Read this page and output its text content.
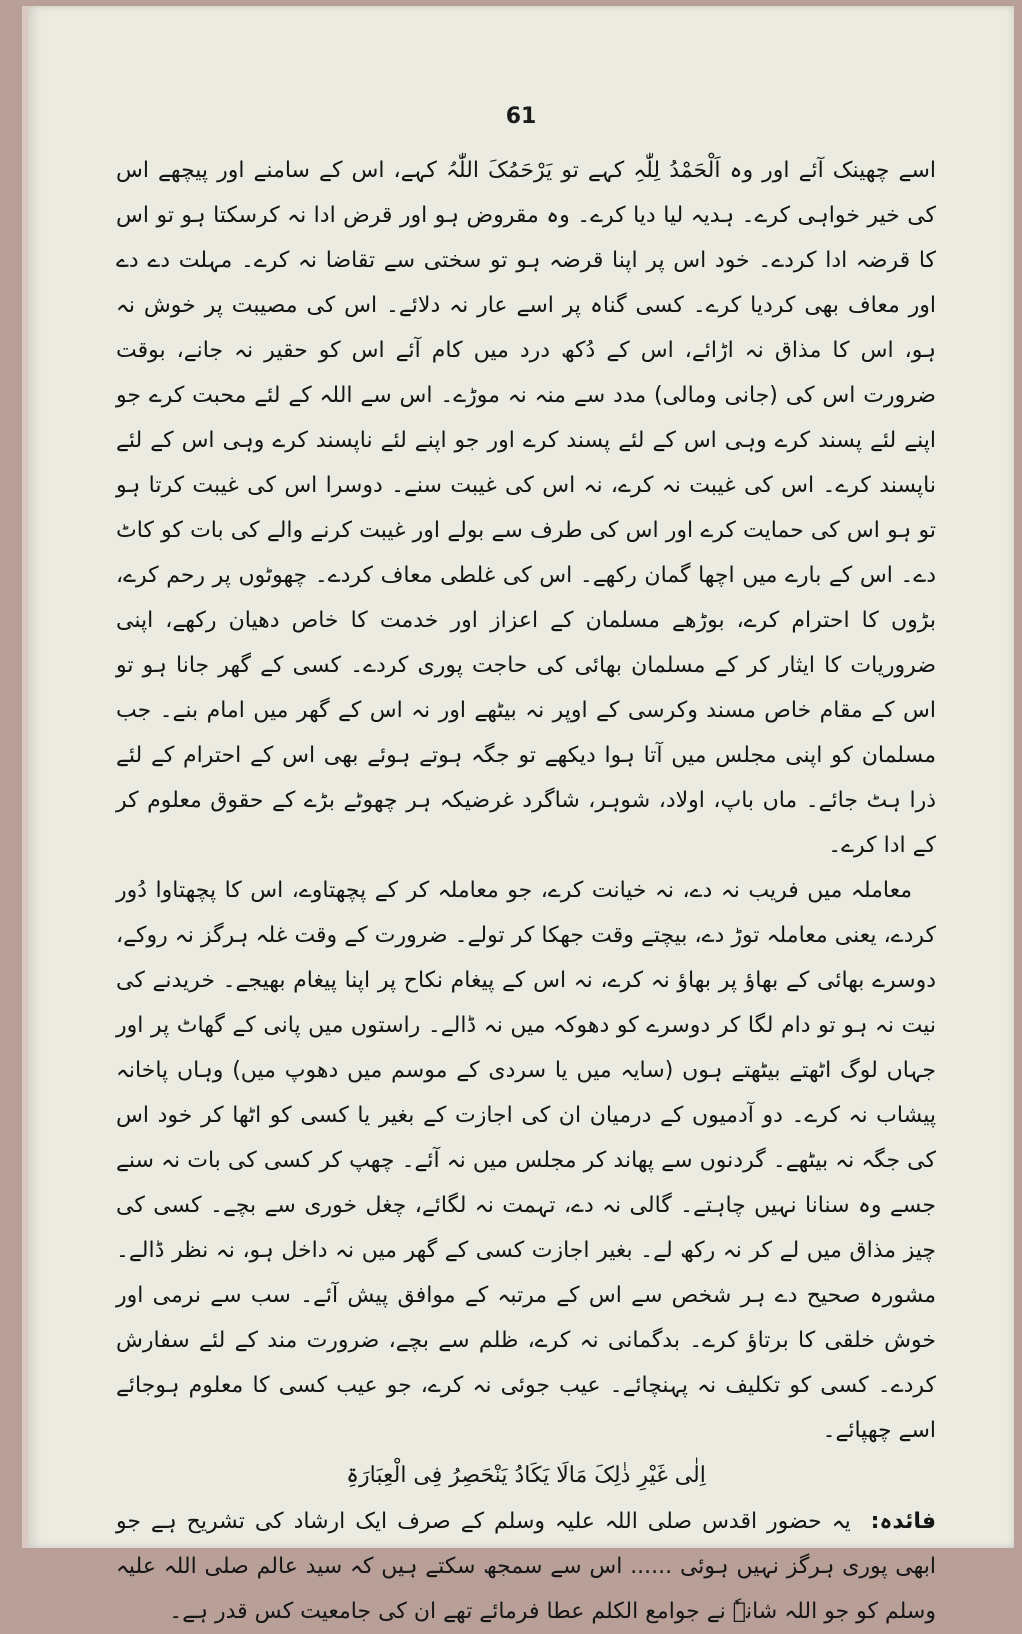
61

اسے چھینک آئے اور وہ اَلْحَمْدُ لِلّٰہِ کہے تو یَرْحَمُکَ اللّٰہُ کہے، اس کے سامنے اور پیچھے اس کی خیر خواہی کرے۔ ہدیہ لیا دیا کرے۔ وہ مقروض ہو اور قرض ادا نہ کرسکتا ہو تو اس کا قرضہ ادا کردے۔ خود اس پر اپنا قرضہ ہو تو سختی سے تقاضا نہ کرے۔ مہلت دے دے اور معاف بھی کردیا کرے۔ کسی گناہ پر اسے عار نہ دلائے۔ اس کی مصیبت پر خوش نہ ہو، اس کا مذاق نہ اڑائے، اس کے دُکھ درد میں کام آئے اس کو حقیر نہ جانے، بوقت ضرورت اس کی (جانی ومالی) مدد سے منہ نہ موڑے۔ اس سے اللہ کے لئے محبت کرے جو اپنے لئے پسند کرے وہی اس کے لئے پسند کرے اور جو اپنے لئے ناپسند کرے وہی اس کے لئے ناپسند کرے۔ اس کی غیبت نہ کرے، نہ اس کی غیبت سنے۔ دوسرا اس کی غیبت کرتا ہو تو ہو اس کی حمایت کرے اور اس کی طرف سے بولے اور غیبت کرنے والے کی بات کو کاٹ دے۔ اس کے بارے میں اچھا گمان رکھے۔ اس کی غلطی معاف کردے۔ چھوٹوں پر رحم کرے، بڑوں کا احترام کرے، بوڑھے مسلمان کے اعزاز اور خدمت کا خاص دھیان رکھے، اپنی ضروریات کا ایثار کر کے مسلمان بھائی کی حاجت پوری کردے۔ کسی کے گھر جانا ہو تو اس کے مقام خاص مسند وکرسی کے اوپر نہ بیٹھے اور نہ اس کے گھر میں امام بنے۔ جب مسلمان کو اپنی مجلس میں آتا ہوا دیکھے تو جگہ ہوتے ہوئے بھی اس کے احترام کے لئے ذرا ہٹ جائے۔ ماں باپ، اولاد، شوہر، شاگرد غرضیکہ ہر چھوٹے بڑے کے حقوق معلوم کر کے ادا کرے۔

معاملہ میں فریب نہ دے، نہ خیانت کرے، جو معاملہ کر کے پچھتاوے، اس کا پچھتاوا دُور کردے، یعنی معاملہ توڑ دے، بیچتے وقت جھکا کر تولے۔ ضرورت کے وقت غلہ ہرگز نہ روکے، دوسرے بھائی کے بھاؤ پر بھاؤ نہ کرے، نہ اس کے پیغام نکاح پر اپنا پیغام بھیجے۔ خریدنے کی نیت نہ ہو تو دام لگا کر دوسرے کو دھوکہ میں نہ ڈالے۔ راستوں میں پانی کے گھاٹ پر اور جہاں لوگ اٹھتے بیٹھتے ہوں (سایہ میں یا سردی کے موسم میں دھوپ میں) وہاں پاخانہ پیشاب نہ کرے۔ دو آدمیوں کے درمیان ان کی اجازت کے بغیر یا کسی کو اٹھا کر خود اس کی جگہ نہ بیٹھے۔ گردنوں سے پھاند کر مجلس میں نہ آئے۔ چھپ کر کسی کی بات نہ سنے جسے وہ سنانا نہیں چاہتے۔ گالی نہ دے، تہمت نہ لگائے، چغل خوری سے بچے۔ کسی کی چیز مذاق میں لے کر نہ رکھ لے۔ بغیر اجازت کسی کے گھر میں نہ داخل ہو، نہ نظر ڈالے۔ مشورہ صحیح دے ہر شخص سے اس کے مرتبہ کے موافق پیش آئے۔ سب سے نرمی اور خوش خلقی کا برتاؤ کرے۔ بدگمانی نہ کرے، ظلم سے بچے، ضرورت مند کے لئے سفارش کردے۔ کسی کو تکلیف نہ پہنچائے۔ عیب جوئی نہ کرے، جو عیب کسی کا معلوم ہوجائے اسے چھپائے۔

اِلٰی غَیْرِ ذٰلِکَ مَالَا یَکَادُ یَنْحَصِرُ فِی الْعِبَارَۃِ

فائدہ: یہ حضور اقدس صلی اللہ علیہ وسلم کے صرف ایک ارشاد کی تشریح ہے جو ابھی پوری ہرگز نہیں ہوئی ...... اس سے سمجھ سکتے ہیں کہ سید عالم صلی اللہ علیہ وسلم کو جو اللہ شانہٗ نے جوامع الکلم عطا فرمائے تھے ان کی جامعیت کس قدر ہے۔
